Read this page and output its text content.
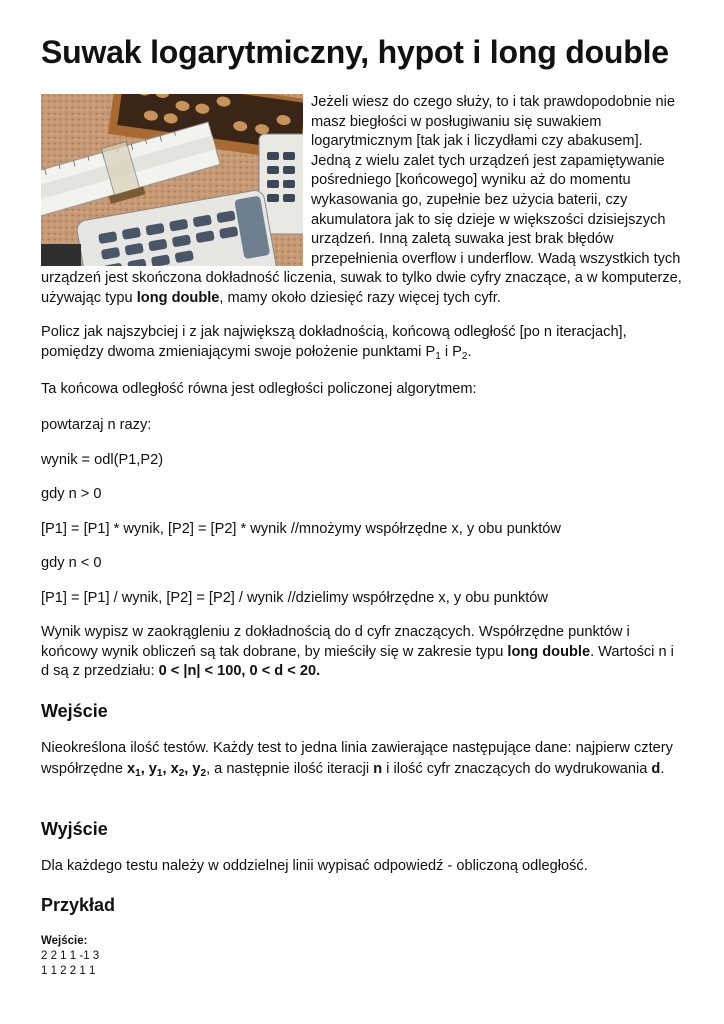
Suwak logarytmiczny, hypot i long double

Jeżeli wiesz do czego służy, to i tak prawdopodobnie nie masz biegłości w posługiwaniu się suwakiem logarytmicznym [tak jak i liczydłami czy abakusem]. Jedną z wielu zalet tych urządzeń jest zapamiętywanie pośredniego [końcowego] wyniku aż do momentu wykasowania go, zupełnie bez użycia baterii, czy akumulatora jak to się dzieje w większości dzisiejszych urządzeń. Inną zaletą suwaka jest brak błędów przepełnienia overflow i underflow. Wadą wszystkich tych urządzeń jest skończona dokładność liczenia, suwak to tylko dwie cyfry znaczące, a w komputerze, używając typu long double, mamy około dziesięć razy więcej tych cyfr.

Policz jak najszybciej i z jak największą dokładnością, końcową odległość [po n iteracjach], pomiędzy dwoma zmieniającymi swoje położenie punktami $P_1$ i $P_2$.

Ta końcowa odległość równa jest odległości policzonej algorytmem:

powtarzaj n razy:

wynik = odl(P1,P2)

gdy n > 0

[P1] = [P1] * wynik, [P2] = [P2] * wynik //mnożymy współrzędne x, y obu punktów

gdy n < 0

[P1] = [P1] / wynik, [P2] = [P2] / wynik //dzielimy współrzędne x, y obu punktów

Wynik wypisz w zaokrągleniu z dokładnością do d cyfr znaczących. Współrzędne punktów i końcowy wynik obliczeń są tak dobrane, by mieściły się w zakresie typu long double. Wartości n i d są z przedziału: 0 < |n| < 100, 0 < d < 20.

Wejście

Nieokreślona ilość testów. Każdy test to jedna linia zawierające następujące dane: najpierw cztery współrzędne $x_1$, $y_1$, $x_2$, $y_2$, a następnie ilość iteracji n i ilość cyfr znaczących do wydrukowania d.

Wyjście

Dla każdego testu należy w oddzielnej linii wypisać odpowiedź - obliczoną odległość.

Przykład
Wejście:
2 2 1 1 -1 3
1 1 2 2 1 1
